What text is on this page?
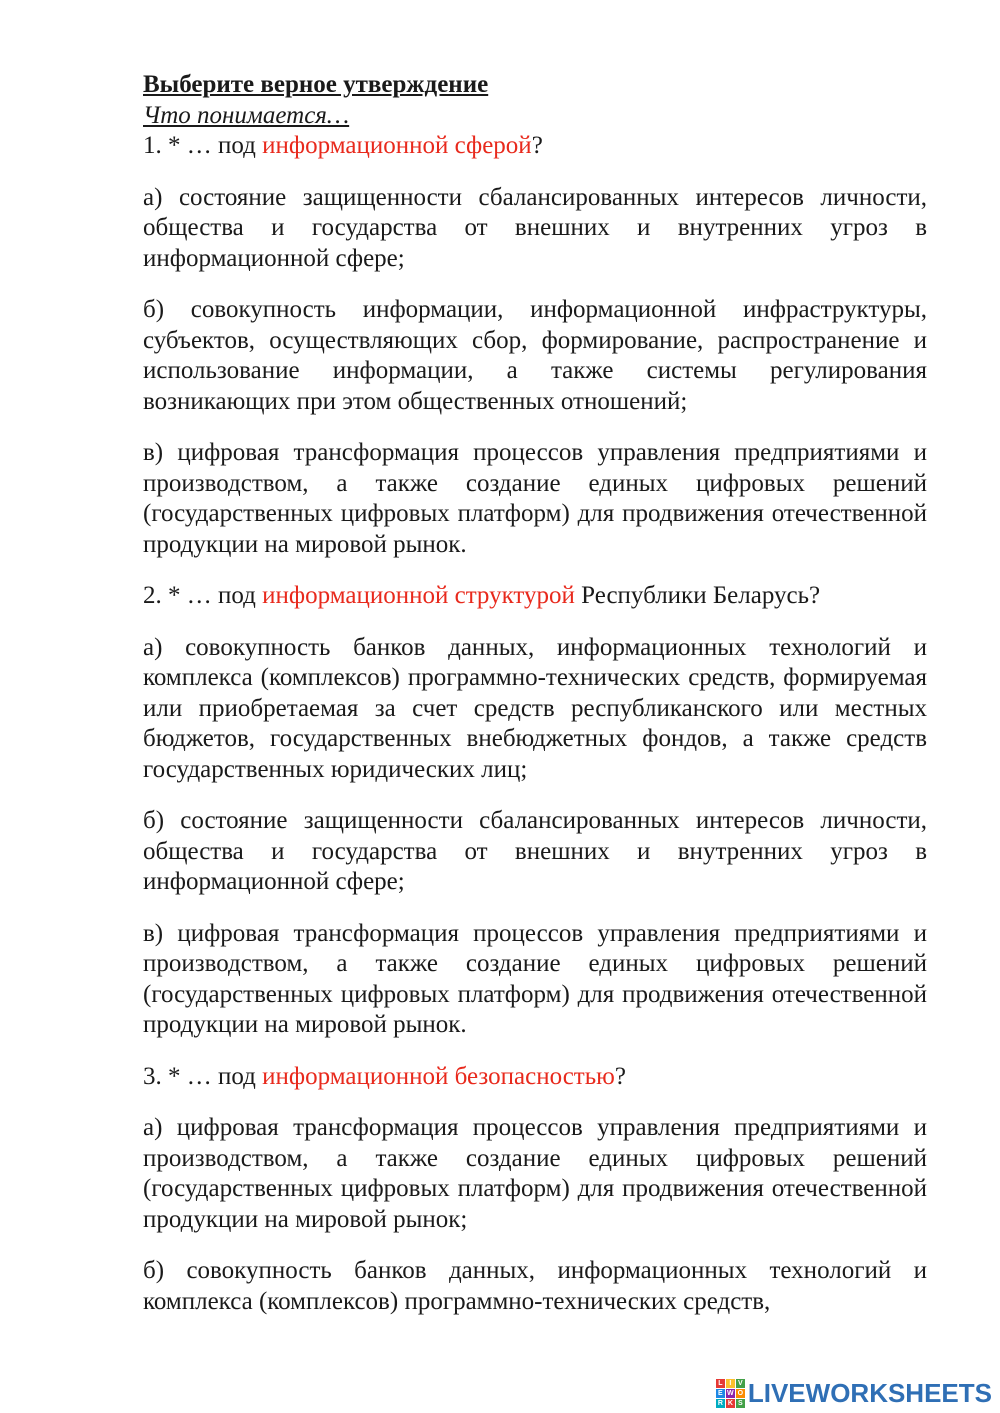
Выберите верное утверждение

Что понимается…

1. * … под информационной сферой?

а) состояние защищенности сбалансированных интересов личности, общества и государства от внешних и внутренних угроз в информационной сфере;

б) совокупность информации, информационной инфраструктуры, субъектов, осуществляющих сбор, формирование, распространение и использование информации, а также системы регулирования возникающих при этом общественных отношений;

в) цифровая трансформация процессов управления предприятиями и производством, а также создание единых цифровых решений (государственных цифровых платформ) для продвижения отечественной продукции на мировой рынок.

2. * … под информационной структурой Республики Беларусь?

а) совокупность банков данных, информационных технологий и комплекса (комплексов) программно-технических средств, формируемая или приобретаемая за счет средств республиканского или местных бюджетов, государственных внебюджетных фондов, а также средств государственных юридических лиц;

б) состояние защищенности сбалансированных интересов личности, общества и государства от внешних и внутренних угроз в информационной сфере;

в) цифровая трансформация процессов управления предприятиями и производством, а также создание единых цифровых решений (государственных цифровых платформ) для продвижения отечественной продукции на мировой рынок.

3. * … под информационной безопасностью?

а) цифровая трансформация процессов управления предприятиями и производством, а также создание единых цифровых решений (государственных цифровых платформ) для продвижения отечественной продукции на мировой рынок;

б) совокупность банков данных, информационных технологий и комплекса (комплексов) программно-технических средств,

L I V
E W O
R K S LIVEWORKSHEETS
